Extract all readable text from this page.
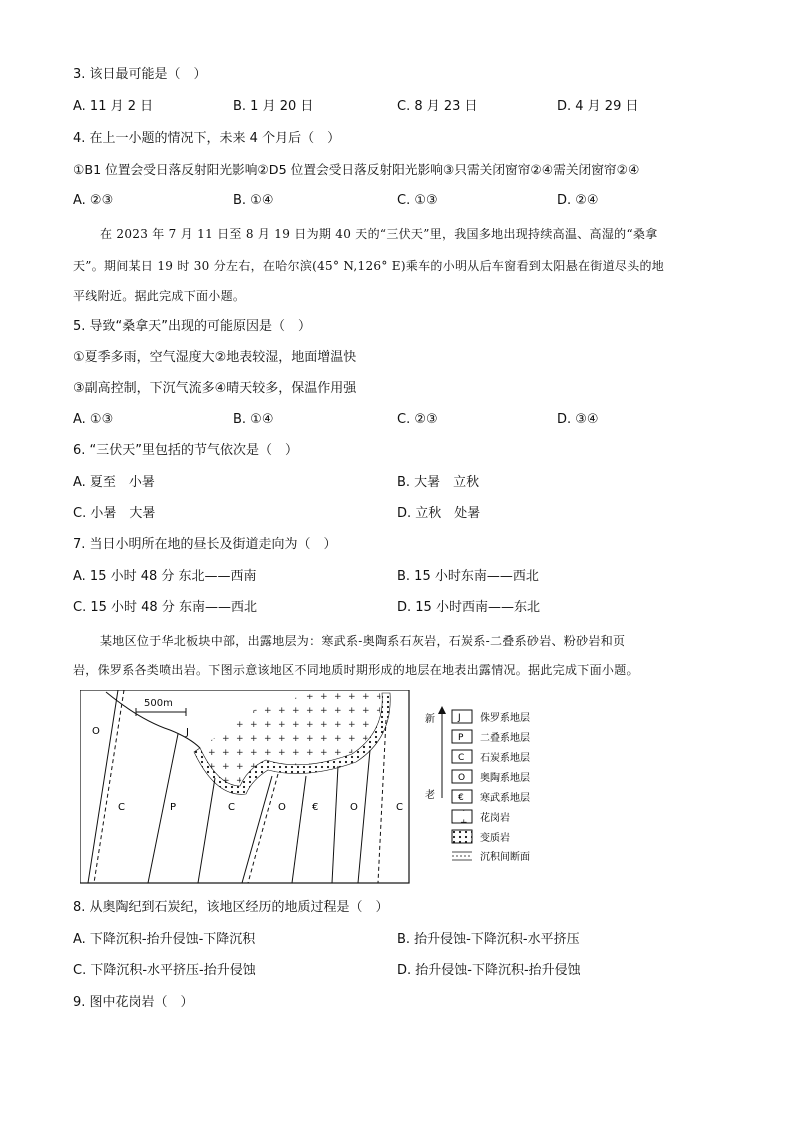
3. 该日最可能是（　）
A. 11 月 2 日	B. 1 月 20 日	C. 8 月 23 日	D. 4 月 29 日
4. 在上一小题的情况下，未来 4 个月后（　）
①B1 位置会受日落反射阳光影响②D5 位置会受日落反射阳光影响③只需关闭窗帘②④需关闭窗帘②④
A. ②③	B. ①④	C. ①③	D. ②④
在 2023 年 7 月 11 日至 8 月 19 日为期 40 天的“三伏天”里，我国多地出现持续高温、高湿的“桑拿
天”。期间某日 19 时 30 分左右，在哈尔滨(45° N,126° E)乘车的小明从后车窗看到太阳悬在街道尽头的地
平线附近。据此完成下面小题。
5. 导致“桑拿天”出现的可能原因是（　）
①夏季多雨，空气湿度大②地表较湿，地面增温快
③副高控制，下沉气流多④晴天较多，保温作用强
A. ①③	B. ①④	C. ②③	D. ③④
6. “三伏天”里包括的节气依次是（　）
A. 夏至　小暑	B. 大暑　立秋
C. 小暑　大暑	D. 立秋　处暑
7. 当日小明所在地的昼长及街道走向为（　）
A. 15 小时 48 分 东北——西南	B. 15 小时东南——西北
C. 15 小时 48 分 东南——西北	D. 15 小时西南——东北
某地区位于华北板块中部，出露地层为：寒武系-奥陶系石灰岩，石炭系-二叠系砂岩、粉砂岩和页
岩，侏罗系各类喷出岩。下图示意该地区不同地质时期形成的地层在地表出露情况。据此完成下面小题。
500m
O	J
C	P	C	O	€	O	C
新
老
J 侏罗系地层
P 二叠系地层
C 石炭系地层
O 奥陶系地层
€ 寒武系地层
花岗岩
变质岩
沉积间断面
8. 从奥陶纪到石炭纪，该地区经历的地质过程是（　）
A. 下降沉积-抬升侵蚀-下降沉积	B. 抬升侵蚀-下降沉积-水平挤压
C. 下降沉积-水平挤压-抬升侵蚀	D. 抬升侵蚀-下降沉积-抬升侵蚀
9. 图中花岗岩（　）
